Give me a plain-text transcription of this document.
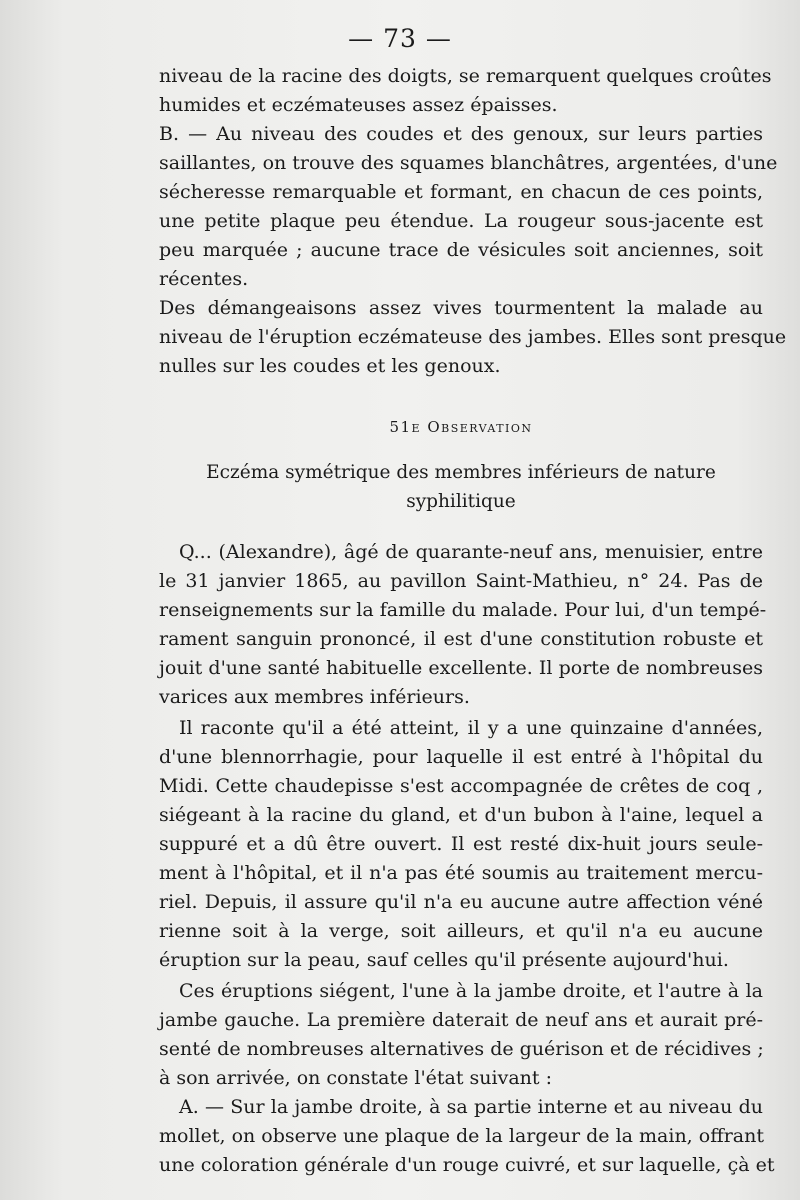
— 73 —
niveau de la racine des doigts, se remarquent quelques croûtes
humides et eczémateuses assez épaisses.
B. — Au niveau des coudes et des genoux, sur leurs parties
saillantes, on trouve des squames blanchâtres, argentées, d'une
sécheresse remarquable et formant, en chacun de ces points,
une petite plaque peu étendue. La rougeur sous-jacente est
peu marquée ; aucune trace de vésicules soit anciennes, soit
récentes.
Des démangeaisons assez vives tourmentent la malade au
niveau de l'éruption eczémateuse des jambes. Elles sont presque
nulles sur les coudes et les genoux.
51e Observation
Eczéma symétrique des membres inférieurs de nature syphilitique
Q... (Alexandre), âgé de quarante-neuf ans, menuisier, entre
le 31 janvier 1865, au pavillon Saint-Mathieu, n° 24. Pas de
renseignements sur la famille du malade. Pour lui, d'un tempé-
rament sanguin prononcé, il est d'une constitution robuste et
jouit d'une santé habituelle excellente. Il porte de nombreuses
varices aux membres inférieurs.
Il raconte qu'il a été atteint, il y a une quinzaine d'années,
d'une blennorrhagie, pour laquelle il est entré à l'hôpital du
Midi. Cette chaudepisse s'est accompagnée de crêtes de coq ,
siégeant à la racine du gland, et d'un bubon à l'aine, lequel a
suppuré et a dû être ouvert. Il est resté dix-huit jours seule-
ment à l'hôpital, et il n'a pas été soumis au traitement mercu-
riel. Depuis, il assure qu'il n'a eu aucune autre affection véné
rienne soit à la verge, soit ailleurs, et qu'il n'a eu aucune
éruption sur la peau, sauf celles qu'il présente aujourd'hui.
Ces éruptions siégent, l'une à la jambe droite, et l'autre à la
jambe gauche. La première daterait de neuf ans et aurait pré-
senté de nombreuses alternatives de guérison et de récidives ;
à son arrivée, on constate l'état suivant :
A. — Sur la jambe droite, à sa partie interne et au niveau du
mollet, on observe une plaque de la largeur de la main, offrant
une coloration générale d'un rouge cuivré, et sur laquelle, çà et
